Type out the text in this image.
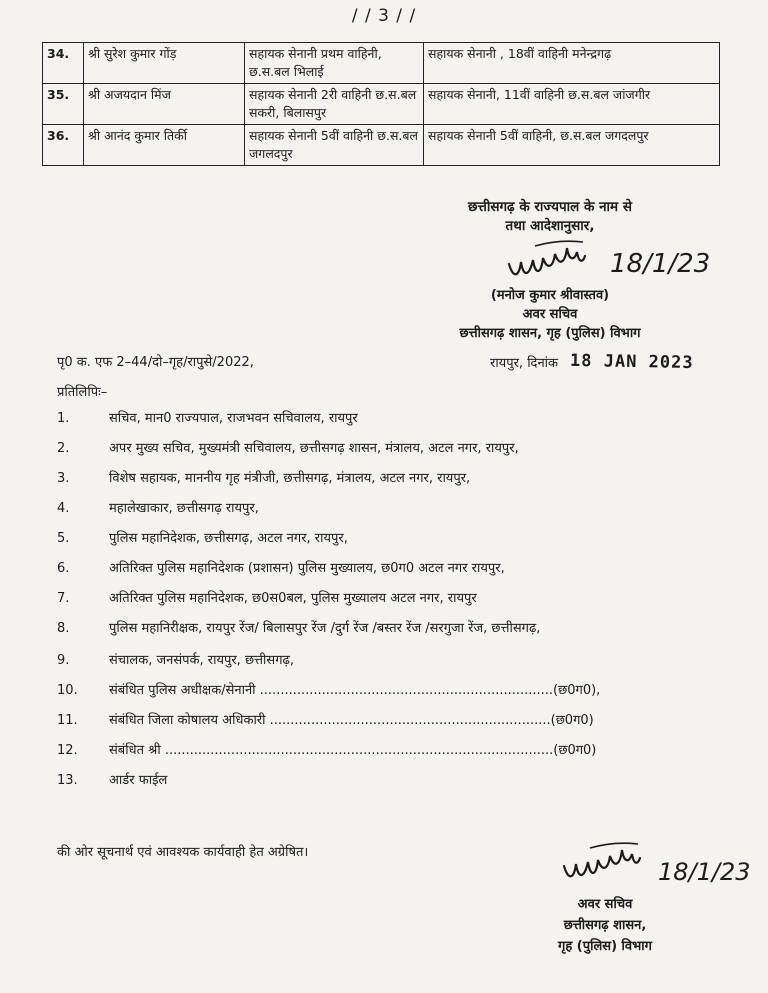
/ / 3 / /
34.	श्री सुरेश कुमार गोंड़	सहायक सेनानी प्रथम वाहिनी, छ.स.बल भिलाई	सहायक सेनानी , 18वीं वाहिनी मनेन्द्रगढ़
35.	श्री अजयदान मिंज	सहायक सेनानी 2री वाहिनी छ.स.बल सकरी, बिलासपुर	सहायक सेनानी, 11वीं वाहिनी छ.स.बल जांजगीर
36.	श्री आनंद कुमार तिर्की	सहायक सेनानी 5वीं वाहिनी छ.स.बल जगलदपुर	सहायक सेनानी 5वीं वाहिनी, छ.स.बल जगदलपुर
छत्तीसगढ़ के राज्यपाल के नाम से
तथा आदेशानुसार,
18/1/23
(मनोज कुमार श्रीवास्तव)
अवर सचिव
छत्तीसगढ़ शासन, गृह (पुलिस) विभाग
पृ0 क. एफ 2–44/दो–गृह/रापुसे/2022,	रायपुर, दिनांक 18 JAN 2023
प्रतिलिपिः–
1.	सचिव, मान0 राज्यपाल, राजभवन सचिवालय, रायपुर
2.	अपर मुख्य सचिव, मुख्यमंत्री सचिवालय, छत्तीसगढ़ शासन, मंत्रालय, अटल नगर, रायपुर,
3.	विशेष सहायक, माननीय गृह मंत्रीजी, छत्तीसगढ़, मंत्रालय, अटल नगर, रायपुर,
4.	महालेखाकार, छत्तीसगढ़ रायपुर,
5.	पुलिस महानिदेशक, छत्तीसगढ़, अटल नगर, रायपुर,
6.	अतिरिक्त पुलिस महानिदेशक (प्रशासन) पुलिस मुख्यालय, छ0ग0 अटल नगर रायपुर,
7.	अतिरिक्त पुलिस महानिदेशक, छ0स0बल, पुलिस मुख्यालय अटल नगर, रायपुर
8.	पुलिस महानिरीक्षक, रायपुर रेंज/ बिलासपुर रेंज /दुर्ग रेंज /बस्तर रेंज /सरगुजा रेंज, छत्तीसगढ़,
9.	संचालक, जनसंपर्क, रायपुर, छत्तीसगढ़,
10.	संबंधित पुलिस अधीक्षक/सेनानी .......................................................................(छ0ग0),
11.	संबंधित जिला कोषालय अधिकारी ....................................................................(छ0ग0)
12.	संबंधित श्री ..............................................................................................(छ0ग0)
13.	आर्डर फाईल
की ओर सूचनार्थ एवं आवश्यक कार्यवाही हेत अग्रेषित।
18/1/23
अवर सचिव
छत्तीसगढ़ शासन,
गृह (पुलिस) विभाग
